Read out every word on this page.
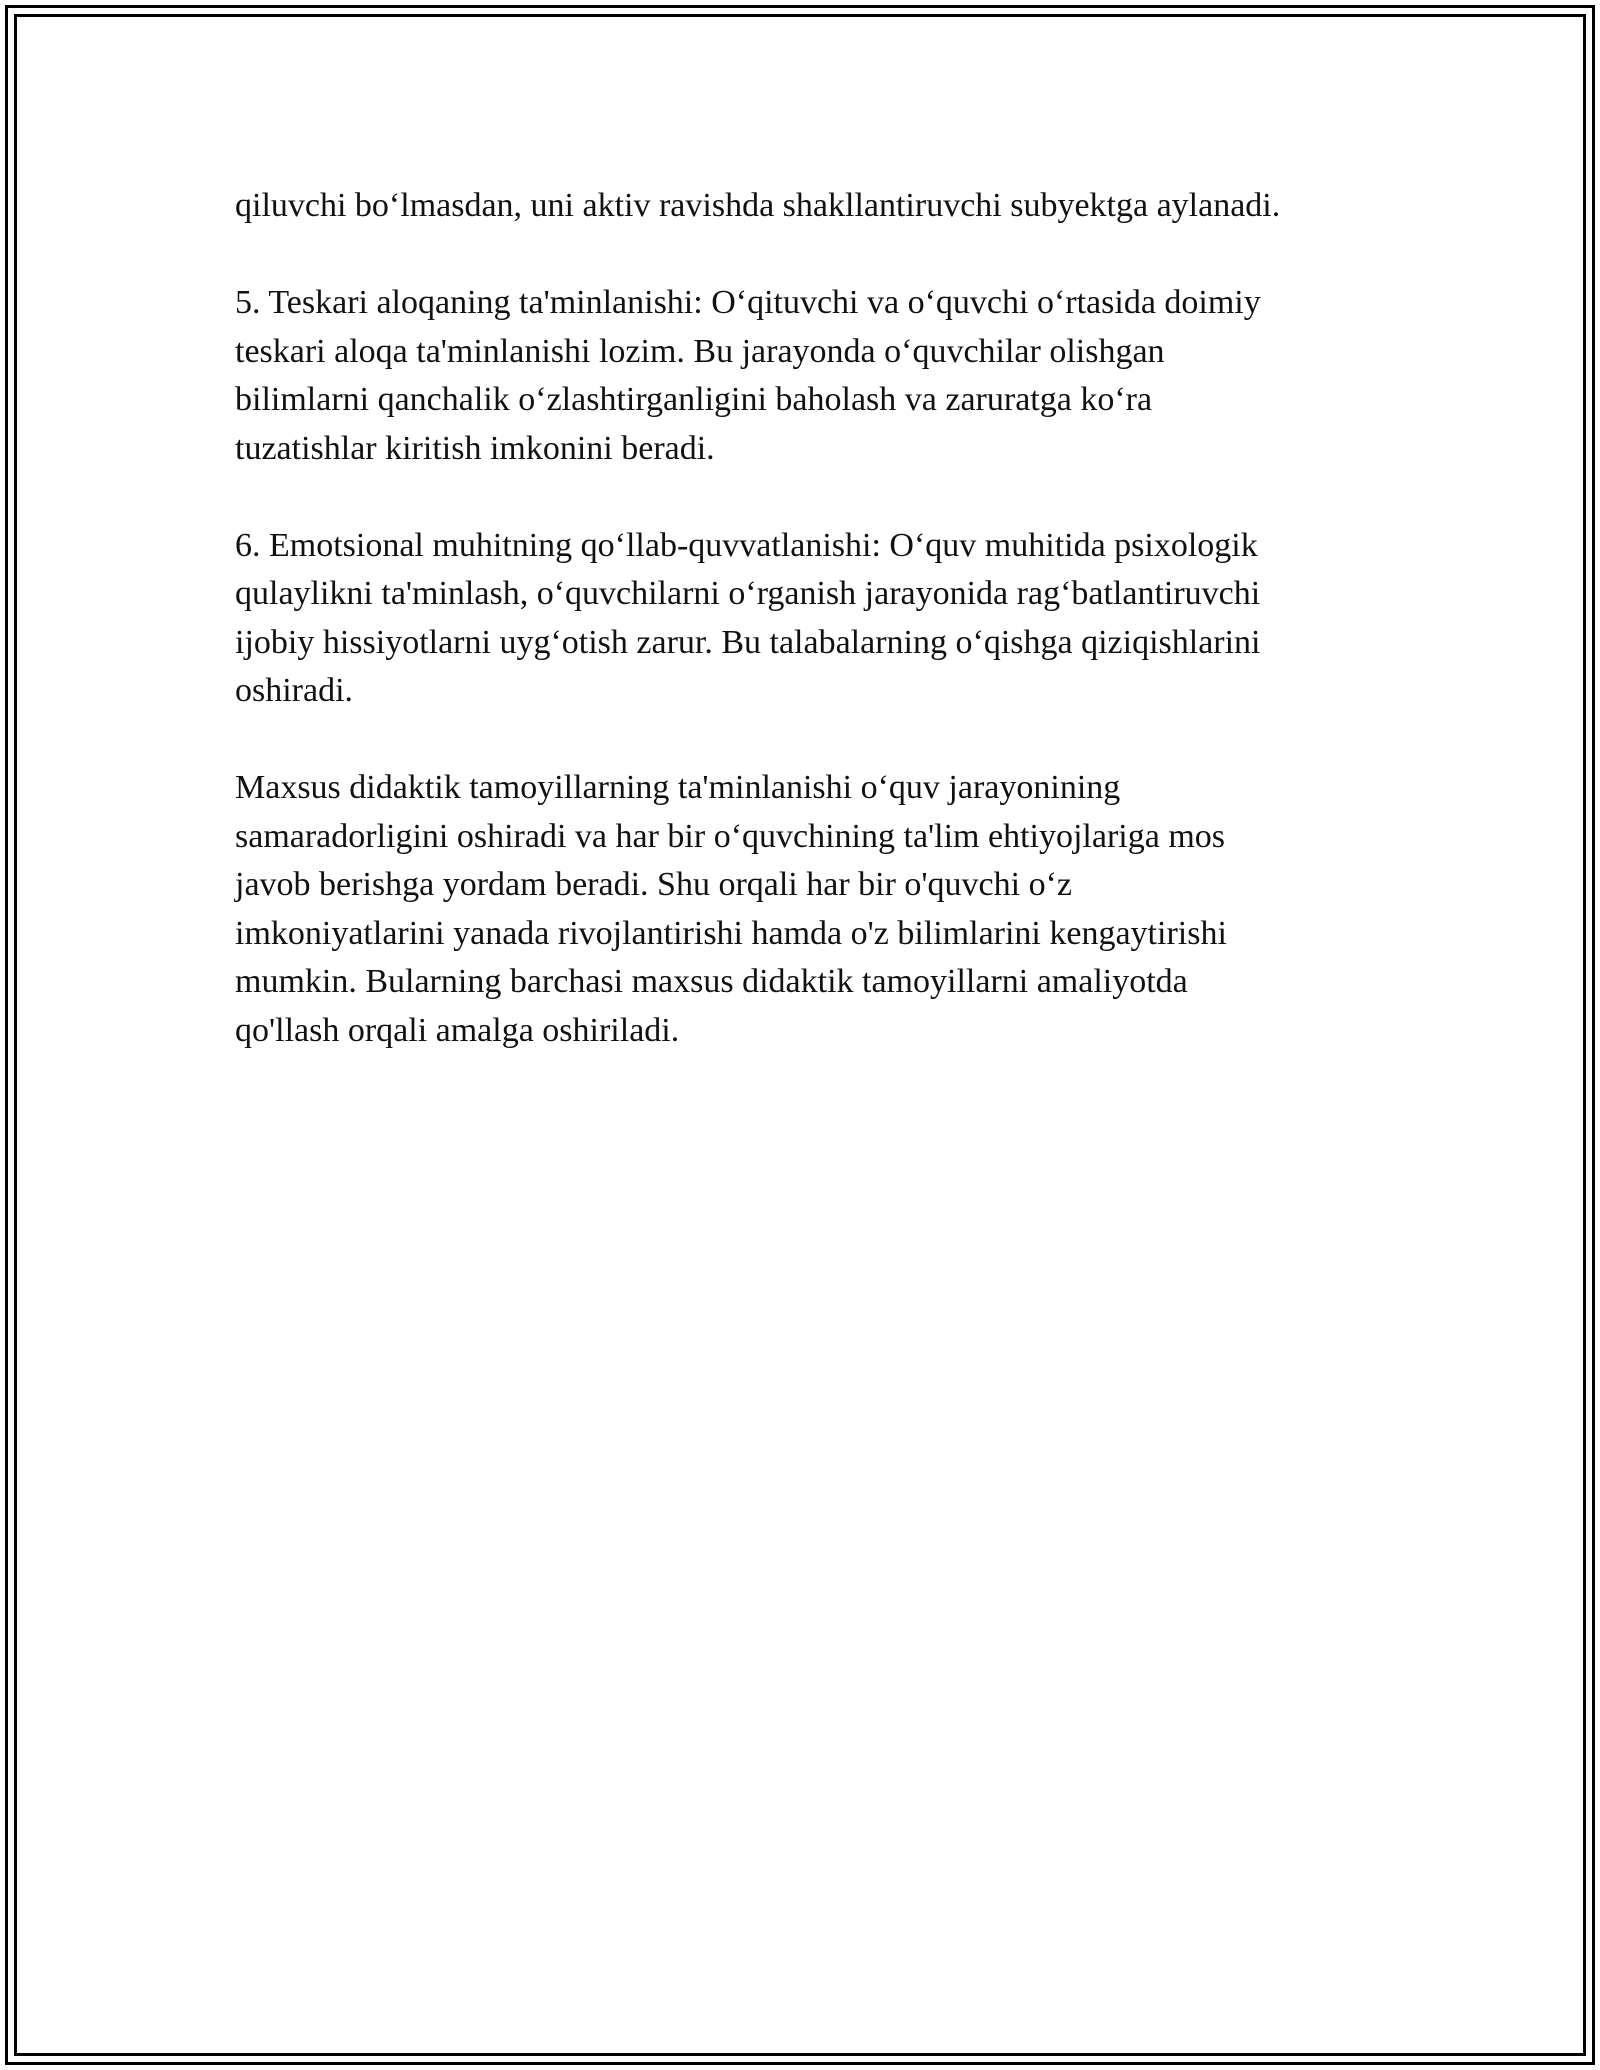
qiluvchi bo‘lmasdan, uni aktiv ravishda shakllantiruvchi subyektga aylanadi.

5. Teskari aloqaning ta'minlanishi: O‘qituvchi va o‘quvchi o‘rtasida doimiy
teskari aloqa ta'minlanishi lozim. Bu jarayonda o‘quvchilar olishgan
bilimlarni qanchalik o‘zlashtirganligini baholash va zaruratga ko‘ra
tuzatishlar kiritish imkonini beradi.

6. Emotsional muhitning qo‘llab-quvvatlanishi: O‘quv muhitida psixologik
qulaylikni ta'minlash, o‘quvchilarni o‘rganish jarayonida rag‘batlantiruvchi
ijobiy hissiyotlarni uyg‘otish zarur. Bu talabalarning o‘qishga qiziqishlarini
oshiradi.

Maxsus didaktik tamoyillarning ta'minlanishi o‘quv jarayonining
samaradorligini oshiradi va har bir o‘quvchining ta'lim ehtiyojlariga mos
javob berishga yordam beradi. Shu orqali har bir o'quvchi o‘z
imkoniyatlarini yanada rivojlantirishi hamda o'z bilimlarini kengaytirishi
mumkin. Bularning barchasi maxsus didaktik tamoyillarni amaliyotda
qo'llash orqali amalga oshiriladi.
